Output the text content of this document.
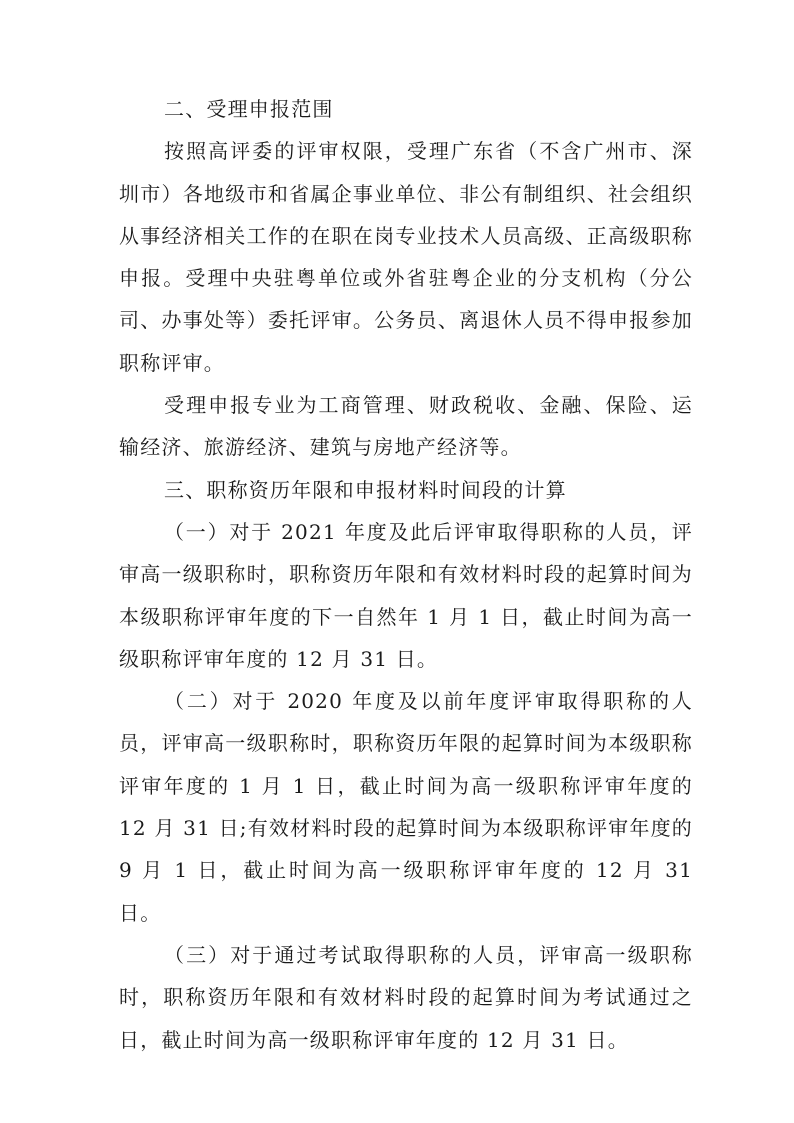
二、受理申报范围

按照高评委的评审权限，受理广东省（不含广州市、深圳市）各地级市和省属企事业单位、非公有制组织、社会组织从事经济相关工作的在职在岗专业技术人员高级、正高级职称申报。受理中央驻粤单位或外省驻粤企业的分支机构（分公司、办事处等）委托评审。公务员、离退休人员不得申报参加职称评审。

受理申报专业为工商管理、财政税收、金融、保险、运输经济、旅游经济、建筑与房地产经济等。

三、职称资历年限和申报材料时间段的计算

（一）对于 2021 年度及此后评审取得职称的人员，评审高一级职称时，职称资历年限和有效材料时段的起算时间为本级职称评审年度的下一自然年 1 月 1 日，截止时间为高一级职称评审年度的 12 月 31 日。

（二）对于 2020 年度及以前年度评审取得职称的人员，评审高一级职称时，职称资历年限的起算时间为本级职称评审年度的 1 月 1 日，截止时间为高一级职称评审年度的 12 月 31 日;有效材料时段的起算时间为本级职称评审年度的 9 月 1 日，截止时间为高一级职称评审年度的 12 月 31 日。

（三）对于通过考试取得职称的人员，评审高一级职称时，职称资历年限和有效材料时段的起算时间为考试通过之日，截止时间为高一级职称评审年度的 12 月 31 日。
